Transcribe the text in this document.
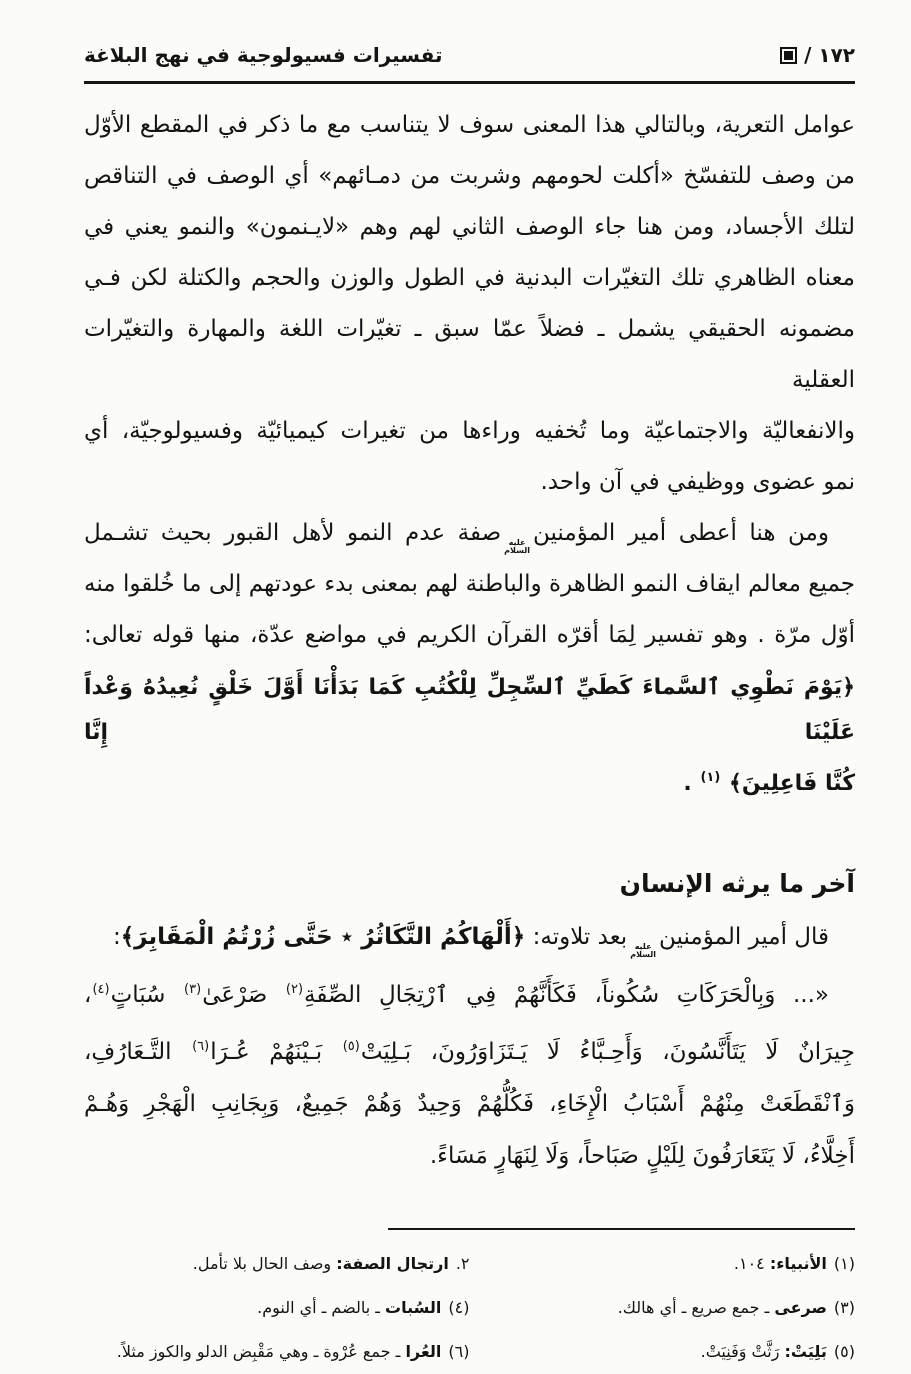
١٧٢ /
تفسيرات فسيولوجية في نهج البلاغة
عوامل التعرية، وبالتالي هذا المعنى سوف لا يتناسب مع ما ذكر في المقطع الأوّل
من وصف للتفسّخ «أكلت لحومهم وشربت من دمـائهم» أي الوصف في التناقص
لتلك الأجساد، ومن هنا جاء الوصف الثاني لهم وهم «لايـنمون» والنمو يعني في
معناه الظاهري تلك التغيّرات البدنية في الطول والوزن والحجم والكتلة لكن فـي
مضمونه الحقيقي يشمل ـ فضلاً عمّا سبق ـ تغيّرات اللغة والمهارة والتغيّرات العقلية
والانفعاليّة والاجتماعيّة وما تُخفيه وراءها من تغيرات كيميائيّة وفسيولوجيّة، أي
نمو عضوى ووظيفي في آن واحد.
ومن هنا أعطى أمير المؤمنين
عليه
السلام
صفة عدم النمو لأهل القبور بحيث تشـمل
جميع معالم ايقاف النمو الظاهرة والباطنة لهم بمعنى بدء عودتهم إلى ما خُلقوا منه
أوّل مرّة . وهو تفسير لِمَا أقرّه القرآن الكريم في مواضع عدّة، منها قوله تعالى:
﴿يَوْمَ نَطْوِي ٱلسَّماءَ كَطَيِّ ٱلسِّجِلِّ لِلْكُتُبِ كَمَا بَدَأْنَا أَوَّلَ خَلْقٍ نُعِيدُهُ وَعْداً عَلَيْنَا إِنَّا
كُنَّا فَاعِلِينَ﴾ $^{(١)}$ .
آخر ما يرثه الإنسان
قال أمير المؤمنين
عليه
السلام
بعد تلاوته: ﴿أَلْهَاكُمُ التَّكَاثُرُ ٭ حَتَّى زُرْتُمُ الْمَقَابِرَ﴾:
«... وَبِالْحَرَكَاتِ سُكُوناً، فَكَأَنَّهُمْ فِي ٱرْتِجَالِ الصِّفَةِ$^{(٢)}$ صَرْعَىٰ$^{(٣)}$ سُبَاتٍ$^{(٤)}$،
جِيرَانٌ لَا يَتَأَنَّسُونَ، وَأَحِـبَّاءُ لَا يَـتَزَاوَرُونَ، بَـلِيَتْ$^{(٥)}$ بَـيْنَهُمْ عُـرَا$^{(٦)}$ التَّـعَارُفِ،
وَٱنْقَطَعَتْ مِنْهُمْ أَسْبَابُ الْإِخَاءِ، فَكُلُّهُمْ وَحِيدٌ وَهُمْ جَمِيعٌ، وَبِجَانِبِ الْهَجْرِ وَهُـمْ
أَخِلَّاءُ، لَا يَتَعَارَفُونَ لِلَيْلٍ صَبَاحاً، وَلَا لِنَهَارٍ مَسَاءً.
(١)الأنبياء: ١٠٤.
(٣)صرعى ـ جمع صريع ـ أي هالك.
(٥)بَلِيَتْ: رَثَّتْ وَفَنِيَتْ.
٢.ارتجال الصفة: وصف الحال بلا تأمل.
(٤)السُبات ـ بالضم ـ أي النوم.
(٦)العُرا ـ جمع عُرْوة ـ وهي مَقْبِض الدلو والكوز مثلاً.
